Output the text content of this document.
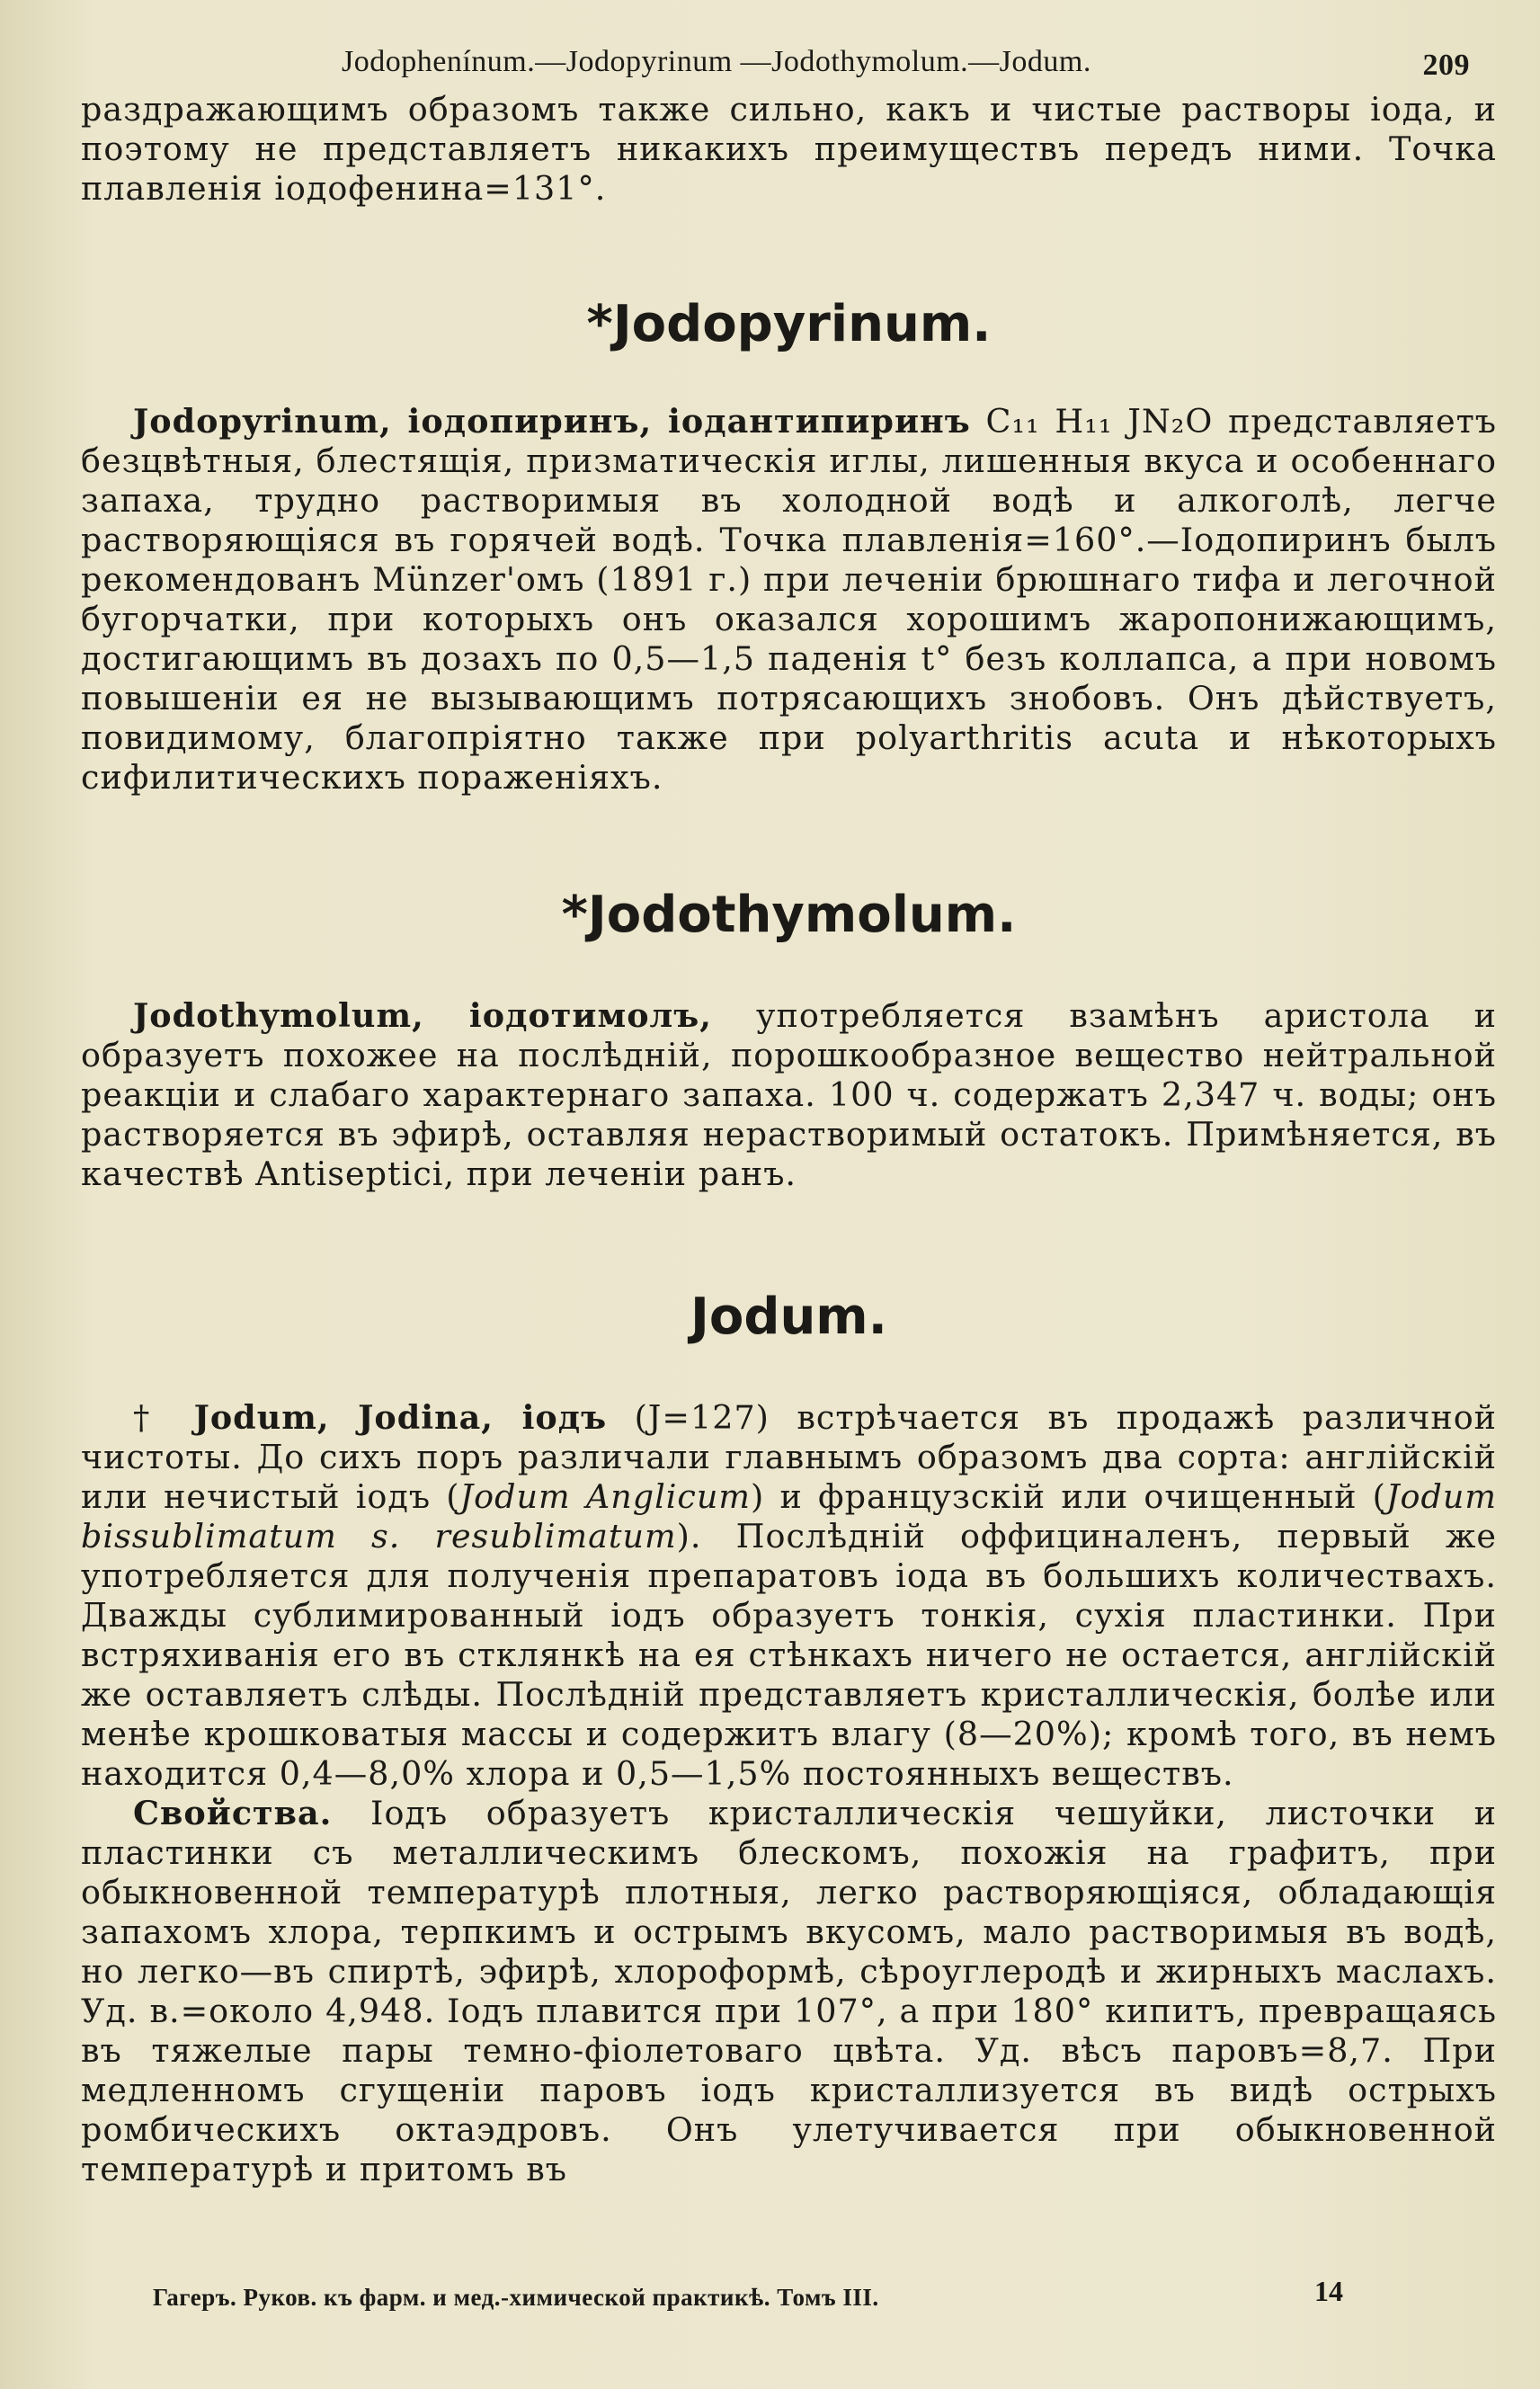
Jodophenínum.—Jodopyrinum —Jodothymolum.—Jodum.	209

раздражающимъ образомъ также сильно, какъ и чистые растворы іода, и поэтому не представляетъ никакихъ преимуществъ передъ ними. Точка плавленія іодофенина=131°.

*Jodopyrinum.

Jodopyrinum, іодопиринъ, іодантипиринъ C₁₁ H₁₁ JN₂O представляетъ безцвѣтныя, блестящія, призматическія иглы, лишенныя вкуса и особеннаго запаха, трудно растворимыя въ холодной водѣ и алкоголѣ, легче растворяющіяся въ горячей водѣ. Точка плавленія=160°.—Іодопиринъ былъ рекомендованъ Münzer'омъ (1891 г.) при леченіи брюшнаго тифа и легочной бугорчатки, при которыхъ онъ оказался хорошимъ жаропонижающимъ, достигающимъ въ дозахъ по 0,5—1,5 паденія t° безъ коллапса, а при новомъ повышеніи ея не вызывающимъ потрясающихъ знобовъ. Онъ дѣйствуетъ, повидимому, благопріятно также при polyarthritis acuta и нѣкоторыхъ сифилитическихъ пораженіяхъ.

*Jodothymolum.

Jodothymolum, іодотимолъ, употребляется взамѣнъ аристола и образуетъ похожее на послѣдній, порошкообразное вещество нейтральной реакціи и слабаго характернаго запаха. 100 ч. содержатъ 2,347 ч. воды; онъ растворяется въ эфирѣ, оставляя нерастворимый остатокъ. Примѣняется, въ качествѣ Antiseptici, при леченіи ранъ.

Jodum.

† Jodum, Jodina, іодъ (J=127) встрѣчается въ продажѣ различной чистоты. До сихъ поръ различали главнымъ образомъ два сорта: англійскій или нечистый іодъ (Jodum Anglicum) и французскій или очищенный (Jodum bissublimatum s. resublimatum). Послѣдній оффициналенъ, первый же употребляется для полученія препаратовъ іода въ большихъ количествахъ. Дважды сублимированный іодъ образуетъ тонкія, сухія пластинки. При встряхиванія его въ стклянкѣ на ея стѣнкахъ ничего не остается, англійскій же оставляетъ слѣды. Послѣдній представляетъ кристаллическія, болѣе или менѣе крошковатыя массы и содержитъ влагу (8—20%); кромѣ того, въ немъ находится 0,4—8,0% хлора и 0,5—1,5% постоянныхъ веществъ.

Свойства. Іодъ образуетъ кристаллическія чешуйки, листочки и пластинки съ металлическимъ блескомъ, похожія на графитъ, при обыкновенной температурѣ плотныя, легко растворяющіяся, обладающія запахомъ хлора, терпкимъ и острымъ вкусомъ, мало растворимыя въ водѣ, но легко—въ спиртѣ, эфирѣ, хлороформѣ, сѣроуглеродѣ и жирныхъ маслахъ. Уд. в.=около 4,948. Іодъ плавится при 107°, а при 180° кипитъ, превращаясь въ тяжелые пары темно-фіолетоваго цвѣта. Уд. вѣсъ паровъ=8,7. При медленномъ сгущеніи паровъ іодъ кристаллизуется въ видѣ острыхъ ромбическихъ октаэдровъ. Онъ улетучивается при обыкновенной температурѣ и притомъ въ

Гагеръ. Руков. къ фарм. и мед.-химической практикѣ. Томъ III.	14
